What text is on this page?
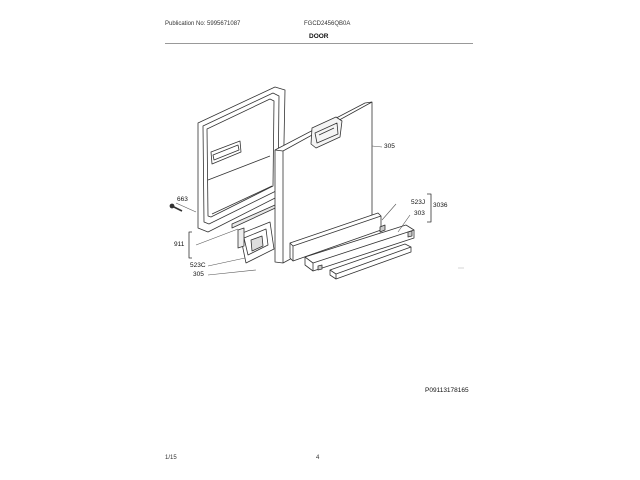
Publication No: 5995671087	FGCD2456QB0A
DOOR
305
663
911
523J 3036
303
523C
305
P09113178165
1/15	4
